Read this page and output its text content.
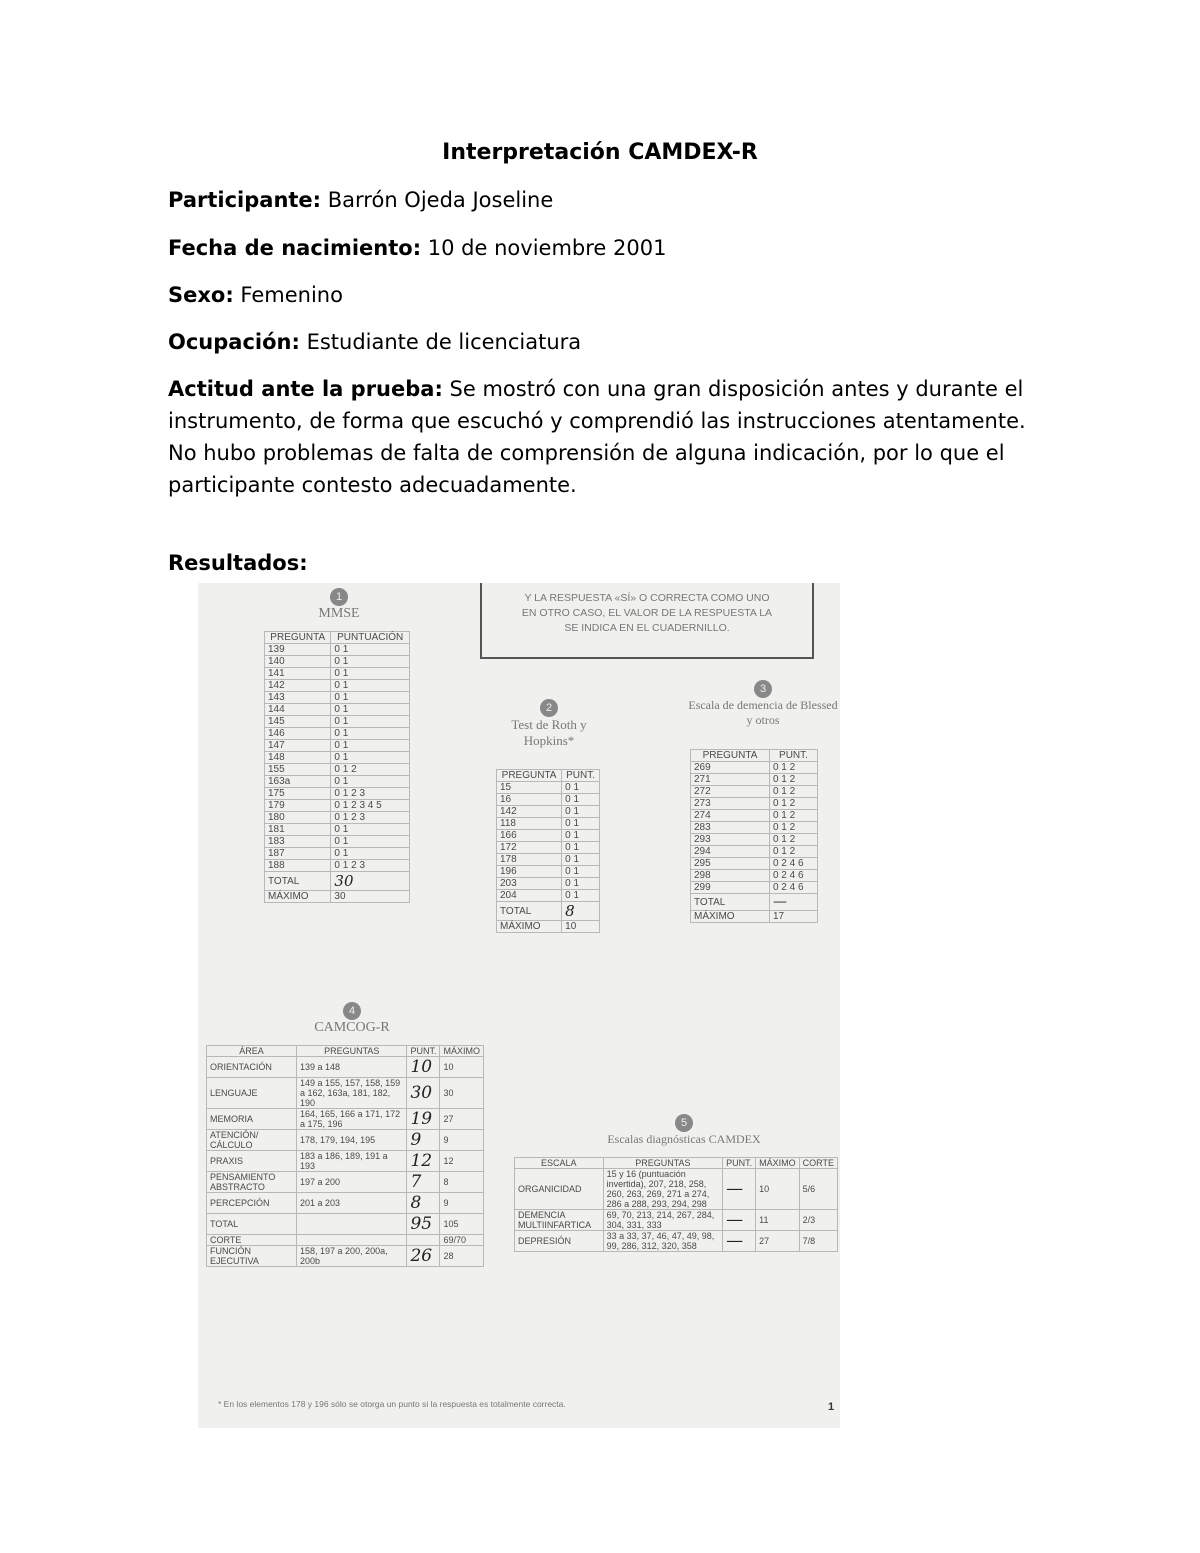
Interpretación CAMDEX-R
Participante: Barrón Ojeda Joseline
Fecha de nacimiento: 10 de noviembre 2001
Sexo: Femenino
Ocupación: Estudiante de licenciatura
Actitud ante la prueba: Se mostró con una gran disposición antes y durante el instrumento, de forma que escuchó y comprendió las instrucciones atentamente. No hubo problemas de falta de comprensión de alguna indicación, por lo que el participante contesto adecuadamente.
Resultados:
Y LA RESPUESTA «SÍ» O CORRECTA COMO UNO
EN OTRO CASO, EL VALOR DE LA RESPUESTA LA
SE INDICA EN EL CUADERNILLO.
1
MMSE
PREGUNTA	PUNTUACIÓN
139	0 1
140	0 1
141	0 1
142	0 1
143	0 1
144	0 1
145	0 1
146	0 1
147	0 1
148	0 1
155	0 1 2
163a	0 1
175	0 1 2 3
179	0 1 2 3 4 5
180	0 1 2 3
181	0 1
183	0 1
187	0 1
188	0 1 2 3
TOTAL	30
MÁXIMO	30
2
Test de Roth y Hopkins*
PREGUNTA	PUNT.
15	0 1
16	0 1
142	0 1
118	0 1
166	0 1
172	0 1
178	0 1
196	0 1
203	0 1
204	0 1
TOTAL	8
MÁXIMO	10
3
Escala de demencia de Blessed y otros
PREGUNTA	PUNT.
269	0 1 2
271	0 1 2
272	0 1 2
273	0 1 2
274	0 1 2
283	0 1 2
293	0 1 2
294	0 1 2
295	0 2 4 6
298	0 2 4 6
299	0 2 4 6
TOTAL	—
MÁXIMO	17
4
CAMCOG-R
ÁREA	PREGUNTAS	PUNT.	MÁXIMO
ORIENTACIÓN	139 a 148	10	10
LENGUAJE	149 a 155, 157, 158, 159 a 162, 163a, 181, 182, 190	30	30
MEMORIA	164, 165, 166 a 171, 172 a 175, 196	19	27
ATENCIÓN/ CÁLCULO	178, 179, 194, 195	9	9
PRAXIS	183 a 186, 189, 191 a 193	12	12
PENSAMIENTO ABSTRACTO	197 a 200	7	8
PERCEPCIÓN	201 a 203	8	9
TOTAL		95	105
CORTE			69/70
FUNCIÓN EJECUTIVA	158, 197 a 200, 200a, 200b	26	28
* En los elementos 178 y 196 sólo se otorga un punto si la respuesta es totalmente correcta.
5
Escalas diagnósticas CAMDEX
ESCALA	PREGUNTAS	PUNT.	MÁXIMO	CORTE
ORGANICIDAD	15 y 16 (puntuación invertida), 207, 218, 258, 260, 263, 269, 271 a 274, 286 a 288, 293, 294, 298	—	10	5/6
DEMENCIA MULTIINFARTICA	69, 70, 213, 214, 267, 284, 304, 331, 333	—	11	2/3
DEPRESIÓN	33 a 33, 37, 46, 47, 49, 98, 99, 286, 312, 320, 358	—	27	7/8
1
